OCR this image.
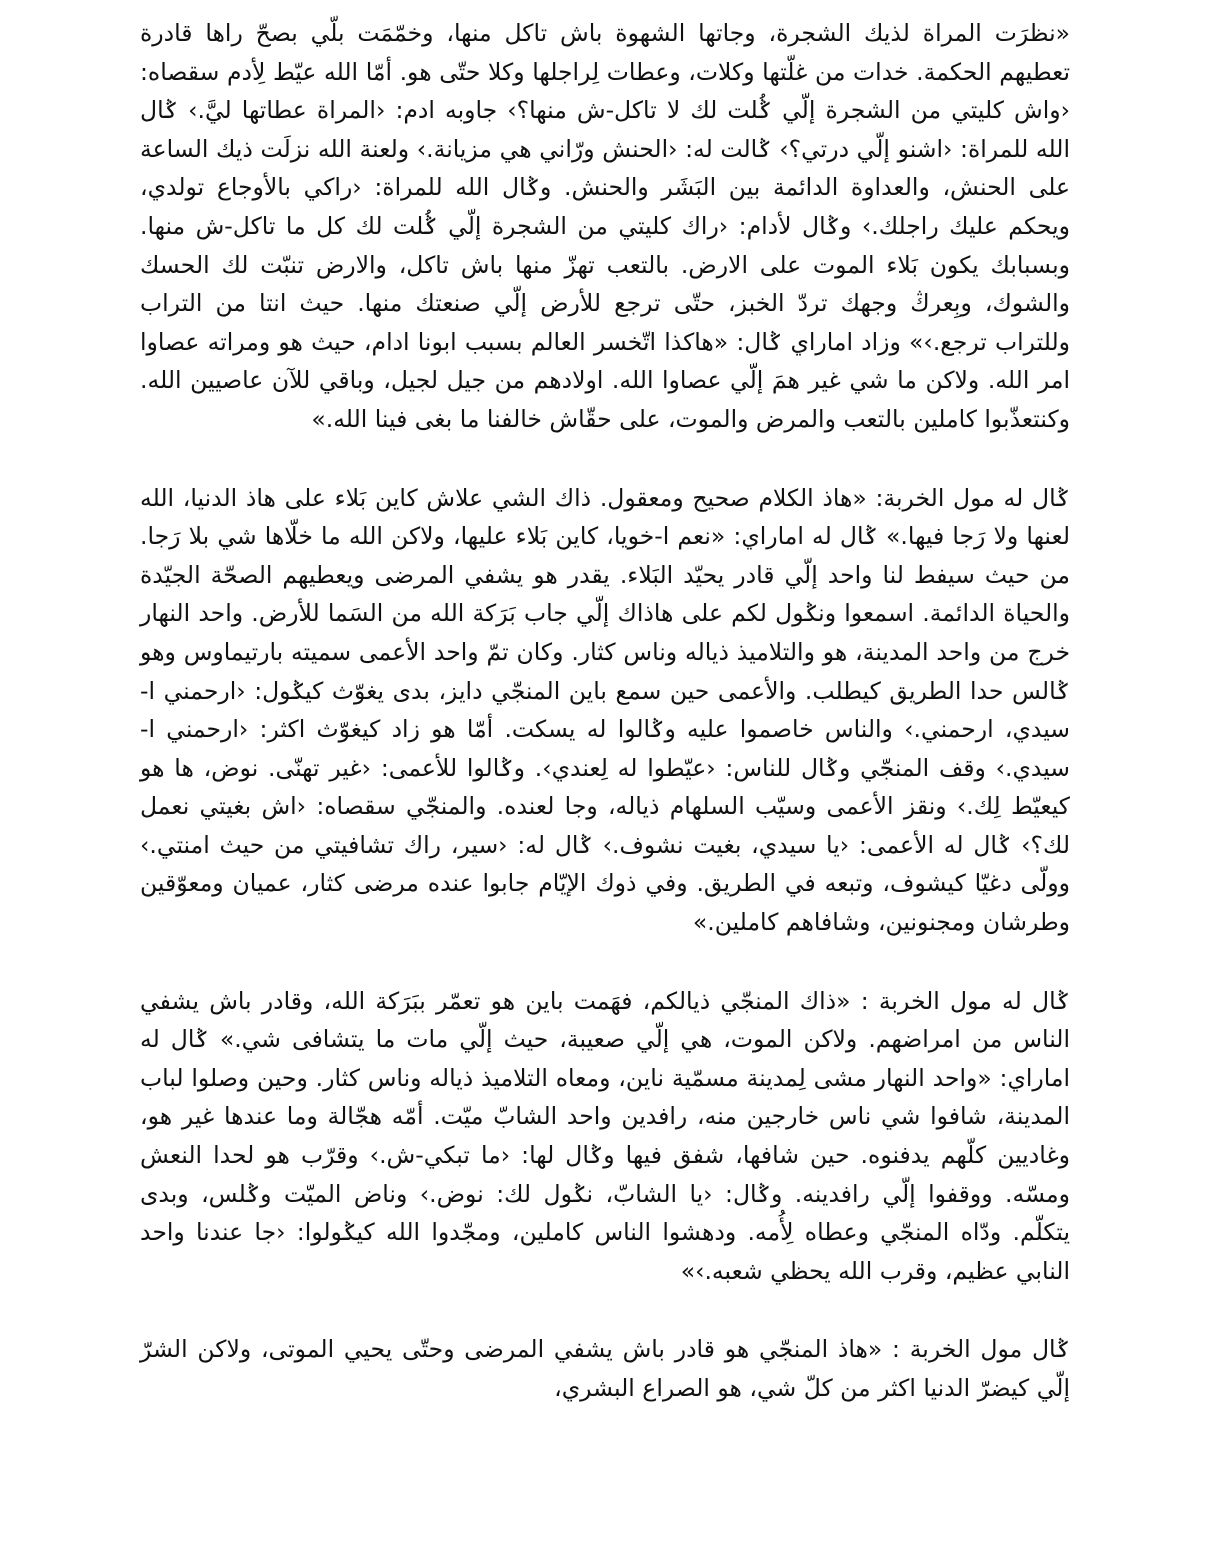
«نظرَت المراة لذيك الشجرة، وجاتها الشهوة باش تاكل منها، وخمّمَت بلّي بصحّ راها قادرة تعطيهم الحكمة. خدات من غلّتها وكلات، وعطات لِراجلها وكلا حتّى هو. أمّا الله عيّط لِأدم سقصاه: ‹واش كليتي من الشجرة إلّي ݣُلت لك لا تاكل-ش منها؟› جاوبه ادم: ‹المراة عطاتها ليَّ.› ݣال الله للمراة: ‹اشنو إلّي درتي؟› ݣالت له: ‹الحنش ورّاني هي مزيانة.› ولعنة الله نزلَت ذيك الساعة على الحنش، والعداوة الدائمة بين البَشَر والحنش. وݣال الله للمراة: ‹راكي بالأوجاع تولدي، ويحكم عليك راجلك.› وݣال لأدام: ‹راك كليتي من الشجرة إلّي ݣُلت لك كل ما تاكل-ش منها. وبسبابك يكون بَلاء الموت على الارض. بالتعب تهزّ منها باش تاكل، والارض تنبّت لك الحسك والشوك، وبِعرڭ وجهك تردّ الخبز، حتّى ترجع للأرض إلّي صنعتك منها. حيث انتا من التراب وللتراب ترجع.›» وزاد اماراي ݣال: «هاكذا اتّخسر العالم بسبب ابونا ادام، حيث هو ومراته عصاوا امر الله. ولاكن ما شي غير همَ إلّي عصاوا الله. اولادهم من جيل لجيل، وباقي للآن عاصيين الله. وكنتعذّبوا كاملين بالتعب والمرض والموت، على حقّاش خالفنا ما بغى فينا الله.»

ݣال له مول الخربة: «هاذ الكلام صحيح ومعقول. ذاك الشي علاش كاين بَلاء على هاذ الدنيا، الله لعنها ولا رَجا فيها.» ݣال له اماراي: «نعم ا-خويا، كاين بَلاء عليها، ولاكن الله ما خلّاها شي بلا رَجا. من حيث سيفط لنا واحد إلّي قادر يحيّد البَلاء. يقدر هو يشفي المرضى ويعطيهم الصحّة الجيّدة والحياة الدائمة. اسمعوا ونݣول لكم على هاذاك إلّي جاب بَرَكة الله من السَما للأرض. واحد النهار خرج من واحد المدينة، هو والتلاميذ ذياله وناس كثار. وكان تمّ واحد الأعمى سميته بارتيماوس وهو ݣالس حدا الطريق كيطلب. والأعمى حين سمع باين المنجّي دايز، بدى يغوّث كيݣول: ‹ارحمني ا-سيدي، ارحمني.› والناس خاصموا عليه وݣالوا له يسكت. أمّا هو زاد كيغوّث اكثر: ‹ارحمني ا-سيدي.› وقف المنجّي وݣال للناس: ‹عيّطوا له لِعندي›. وݣالوا للأعمى: ‹غير تهنّى. نوض، ها هو كيعيّط لِك.› ونقز الأعمى وسيّب السلهام ذياله، وجا لعنده. والمنجّي سقصاه: ‹اش بغيتي نعمل لك؟› ݣال له الأعمى: ‹يا سيدي، بغيت نشوف.› ݣال له: ‹سير، راك تشافيتي من حيث امنتي.› وولّى دغيّا كيشوف، وتبعه في الطريق. وفي ذوك الإيّام جابوا عنده مرضى كثار، عميان ومعوّقين وطرشان ومجنونين، وشافاهم كاملين.»

ݣال له مول الخربة : «ذاك المنجّي ذيالكم، فهَمت باين هو تعمّر ببَرَكة الله، وقادر باش يشفي الناس من امراضهم. ولاكن الموت، هي إلّي صعيبة، حيث إلّي مات ما يتشافى شي.» ݣال له اماراي: «واحد النهار مشى لِمدينة مسمّية ناين، ومعاه التلاميذ ذياله وناس كثار. وحين وصلوا لباب المدينة، شافوا شي ناس خارجين منه، رافدين واحد الشابّ ميّت. أمّه هجّالة وما عندها غير هو، وغاديين كلّهم يدفنوه. حين شافها، شفق فيها وݣال لها: ‹ما تبكي-ش.› وقرّب هو لحدا النعش ومسّه. ووقفوا إلّي رافدينه. وݣال: ‹يا الشابّ، نݣول لك: نوض.› وناض الميّت وݣلس، وبدى يتكلّم. ودّاه المنجّي وعطاه لِأُمه. ودهشوا الناس كاملين، ومجّدوا الله كيݣولوا: ‹جا عندنا واحد النابي عظيم، وقرب الله يحظي شعبه.›»

ݣال مول الخربة : «هاذ المنجّي هو قادر باش يشفي المرضى وحتّى يحيي الموتى، ولاكن الشرّ إلّي كيضرّ الدنيا اكثر من كلّ شي، هو الصراع البشري،
